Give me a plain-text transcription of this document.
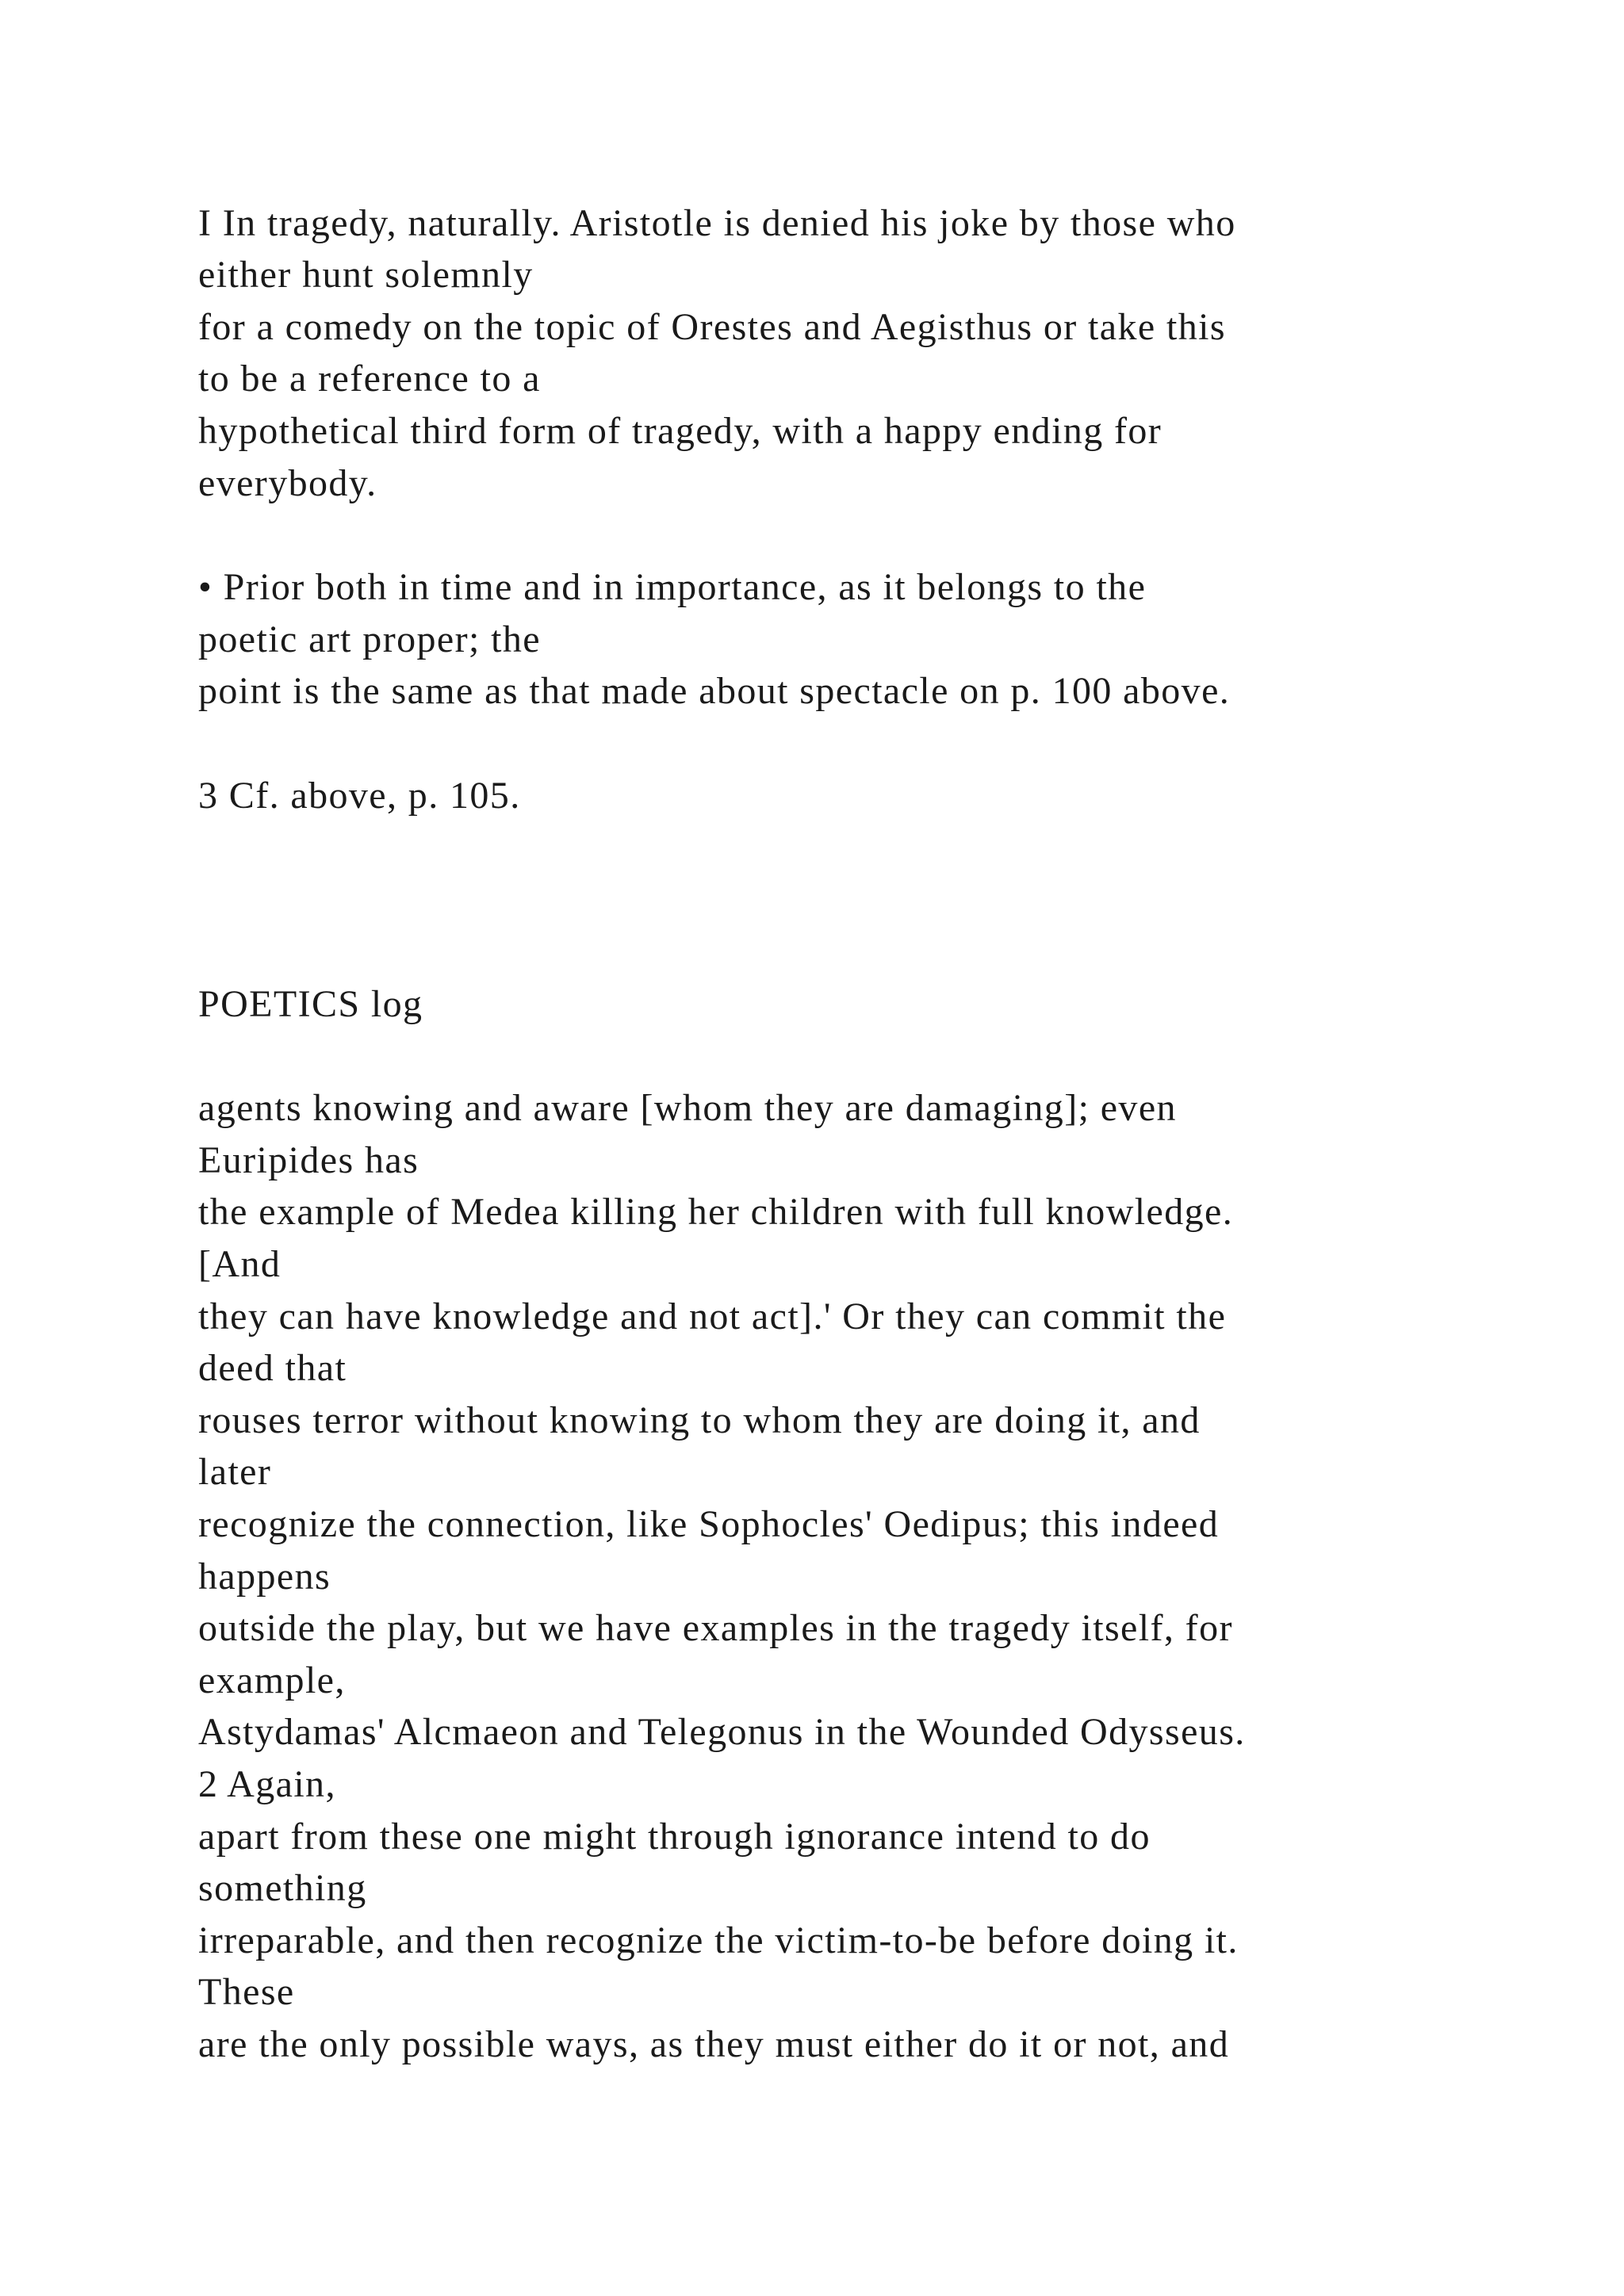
I In tragedy, naturally. Aristotle is denied his joke by those who

either hunt solemnly

for a comedy on the topic of Orestes and Aegisthus or take this

to be a reference to a

hypothetical third form of tragedy, with a happy ending for

everybody.

• Prior both in time and in importance, as it belongs to the

poetic art proper; the

point is the same as that made about spectacle on p. 100 above.

3 Cf. above, p. 105.

POETICS log

agents knowing and aware [whom they are damaging]; even

Euripides has

the example of Medea killing her children with full knowledge.

[And

they can have knowledge and not act].' Or they can commit the

deed that

rouses terror without knowing to whom they are doing it, and

later

recognize the connection, like Sophocles' Oedipus; this indeed

happens

outside the play, but we have examples in the tragedy itself, for

example,

Astydamas' Alcmaeon and Telegonus in the Wounded Odysseus.

2 Again,

apart from these one might through ignorance intend to do

something

irreparable, and then recognize the victim-to-be before doing it.

These

are the only possible ways, as they must either do it or not, and
